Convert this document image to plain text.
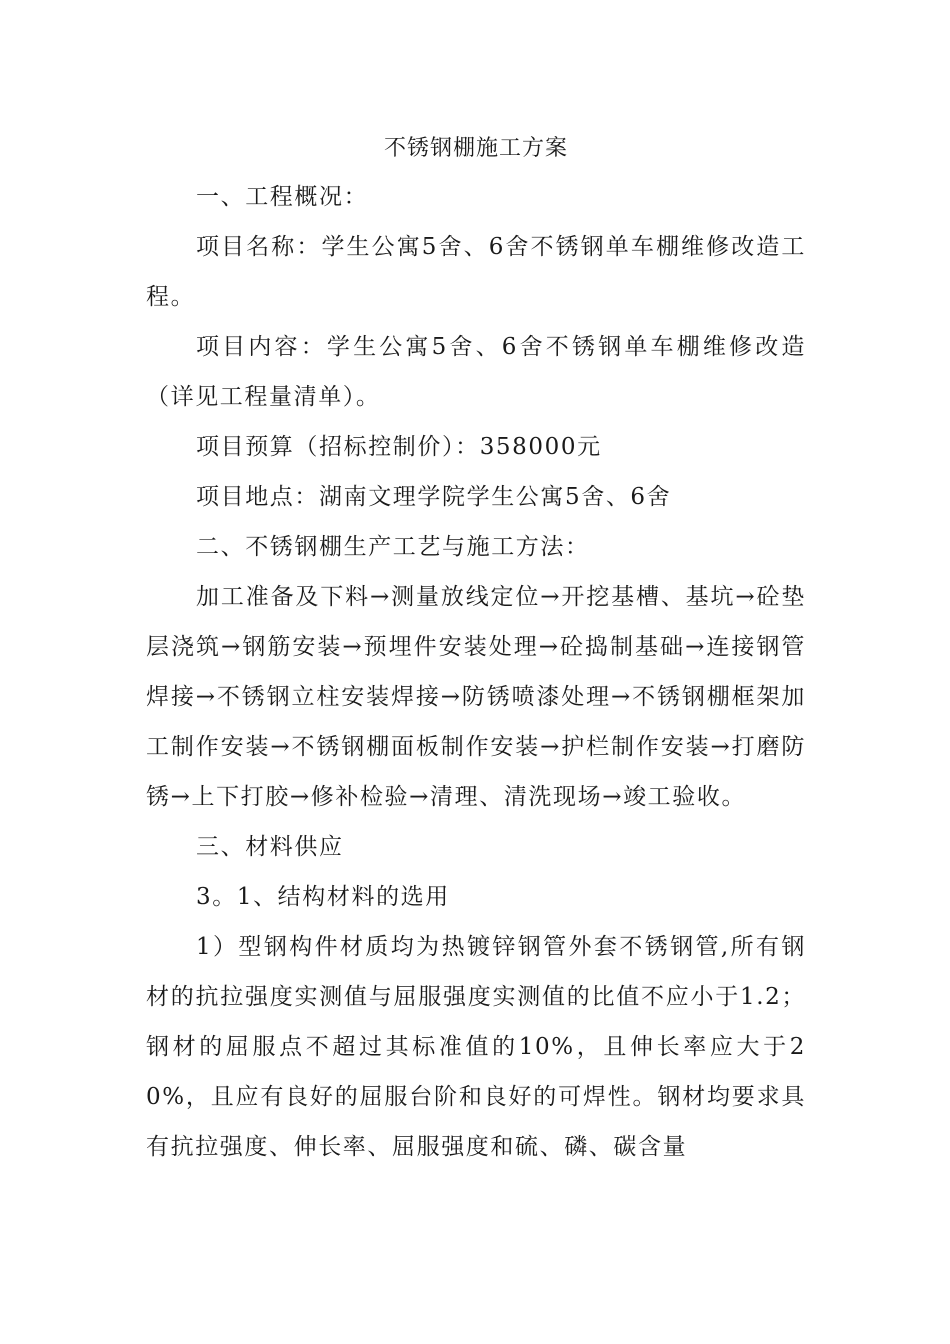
不锈钢棚施工方案

一、工程概况：

项目名称：学生公寓5舍、6舍不锈钢单车棚维修改造工程。

项目内容：学生公寓5舍、6舍不锈钢单车棚维修改造（详见工程量清单）。

项目预算（招标控制价）：358000元

项目地点：湖南文理学院学生公寓5舍、6舍

二、不锈钢棚生产工艺与施工方法：

加工准备及下料→测量放线定位→开挖基槽、基坑→砼垫层浇筑→钢筋安装→预埋件安装处理→砼捣制基础→连接钢管焊接→不锈钢立柱安装焊接→防锈喷漆处理→不锈钢棚框架加工制作安装→不锈钢棚面板制作安装→护栏制作安装→打磨防锈→上下打胶→修补检验→清理、清洗现场→竣工验收。

三、材料供应

3。1、结构材料的选用

1）型钢构件材质均为热镀锌钢管外套不锈钢管,所有钢材的抗拉强度实测值与屈服强度实测值的比值不应小于1.2；钢材的屈服点不超过其标准值的10%，且伸长率应大于20%，且应有良好的屈服台阶和良好的可焊性。钢材均要求具有抗拉强度、伸长率、屈服强度和硫、磷、碳含量
